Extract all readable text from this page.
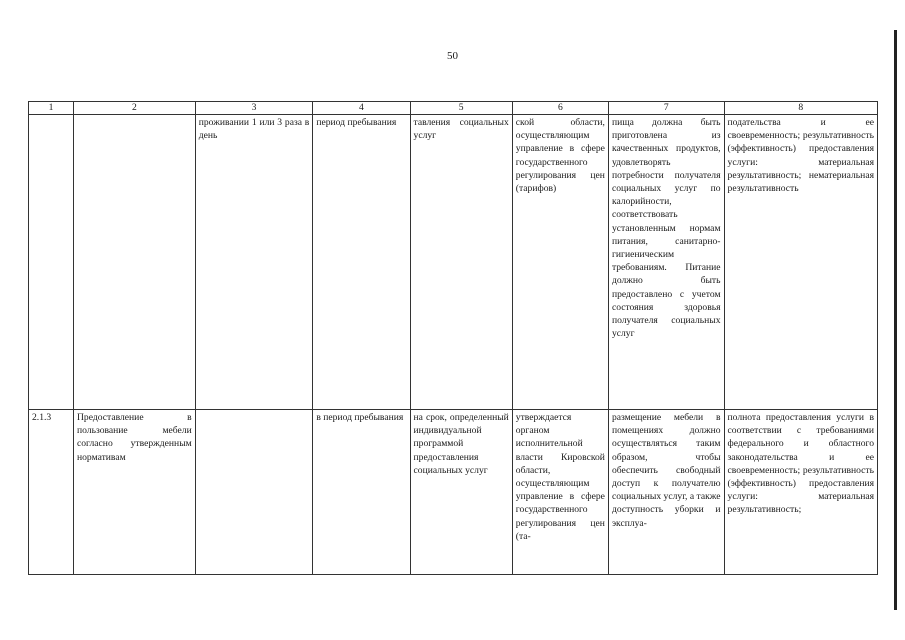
50
1	2	3	4	5	6	7	8
		проживании 1 или 3 раза в день	период пребывания	тавления социальных услуг	ской области, осуществляющим управление в сфере государственного регулирования цен (тарифов)	пища должна быть приготовлена из качественных продуктов, удовлетворять потребности получателя социальных услуг по калорийности, соответствовать установленным нормам питания, санитарно-гигиеническим требованиям. Питание должно быть предоставлено с учетом состояния здоровья получателя социальных услуг	подательства и ее своевременность; результативность (эффективность) предоставления услуги: материальная результативность; нематериальная результативность
2.1.3	Предоставление в пользование мебели согласно утвержденным нормативам		в период пребывания	на срок, определенный индивидуальной программой предоставления социальных услуг	утверждается органом исполнительной власти Кировской области, осуществляющим управление в сфере государственного регулирования цен (та-	размещение мебели в помещениях должно осуществляться таким образом, чтобы обеспечить свободный доступ к получателю социальных услуг, а также доступность уборки и эксплуа-	полнота предоставления услуги в соответствии с требованиями федерального и областного законодательства и ее своевременность; результативность (эффективность) предоставления услуги: материальная результативность;
